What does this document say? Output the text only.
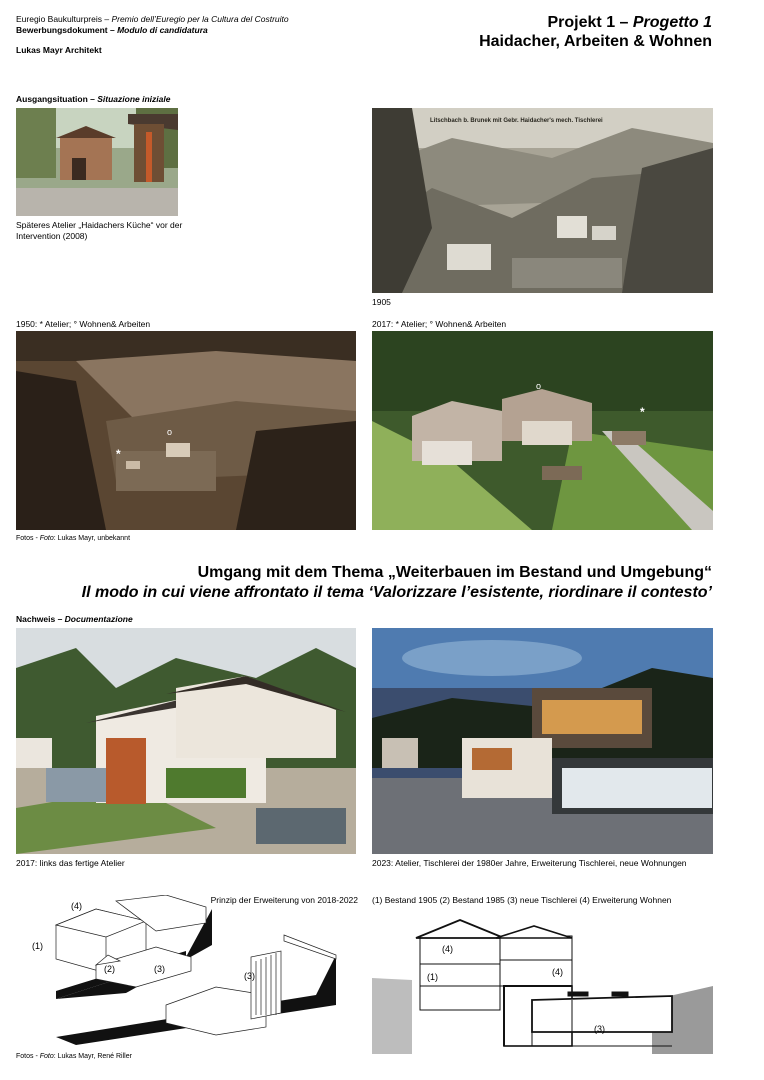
Euregio Baukulturpreis – Premio dell’Euregio per la Cultura del Costruito
Bewerbungsdokument – Modulo di candidatura
Lukas Mayr Architekt
Projekt 1 – Progetto 1
Haidacher, Arbeiten & Wohnen
Ausgangsituation – Situazione iniziale
Späteres Atelier „Haidachers Küche“ vor der Intervention (2008)
Litschbach b. Brunek mit Gebr. Haidacher's mech. Tischlerei
1905
1950: * Atelier; ° Wohnen& Arbeiten
*
o
2017: * Atelier; ° Wohnen& Arbeiten
o
*
Fotos - Foto: Lukas Mayr, unbekannt
Umgang mit dem Thema „Weiterbauen im Bestand und Umgebung“
Il modo in cui viene affrontato il tema ‘Valorizzare l’esistente, riordinare il contesto’
Nachweis – Documentazione
2017: links das fertige Atelier	2023: Atelier, Tischlerei der 1980er Jahre, Erweiterung Tischlerei, neue Wohnungen
Prinzip der Erweiterung von 2018-2022
(4)
(1)
(2)	(3)
(3)
(1) Bestand 1905 (2) Bestand 1985 (3) neue Tischlerei (4) Erweiterung Wohnen
(4)
(1)	(4)
(3)
Fotos - Foto: Lukas Mayr, René Riller
